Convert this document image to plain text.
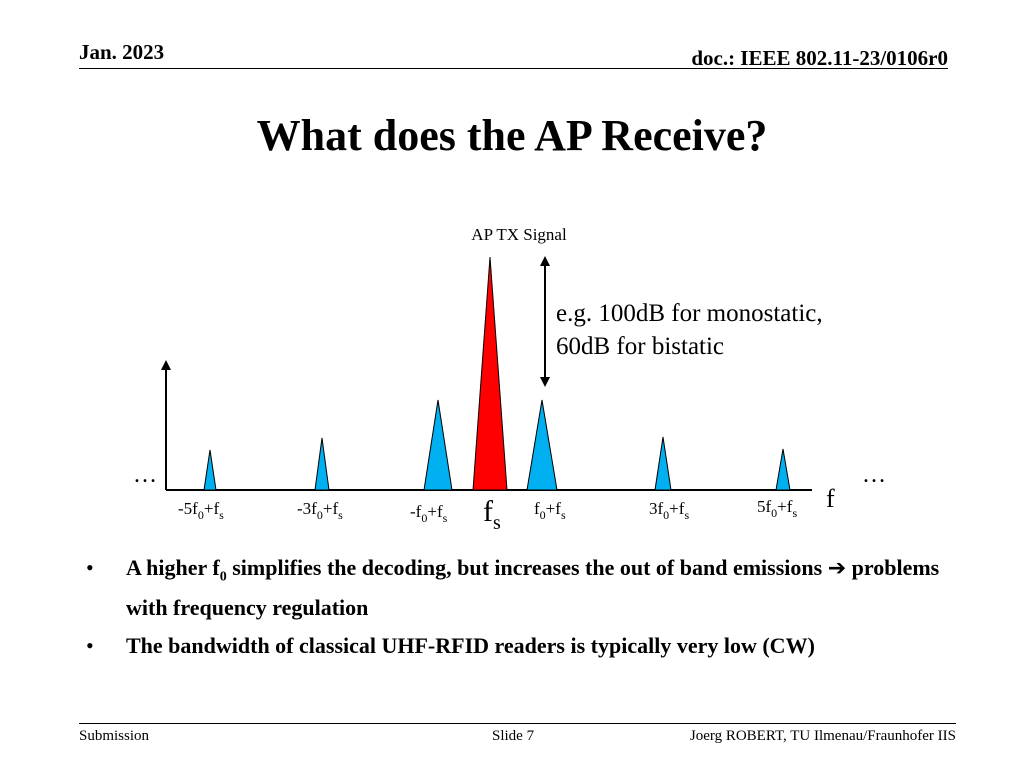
Jan. 2023	doc.: IEEE 802.11-23/0106r0
What does the AP Receive?
AP TX Signal
e.g. 100dB for monostatic,
60dB for bistatic
…	…
f
$-5f_0+f_s$	$-3f_0+f_s$	$-f_0+f_s$ $f_s$
$f_0+f_s$	$3f_0+f_s$	$5f_0+f_s$
• A higher $f_0$ simplifies the decoding, but increases the out of band emissions ➔ problems with frequency regulation
• The bandwidth of classical UHF-RFID readers is typically very low (CW)
Submission	Slide 7	Joerg ROBERT, TU Ilmenau/Fraunhofer IIS
